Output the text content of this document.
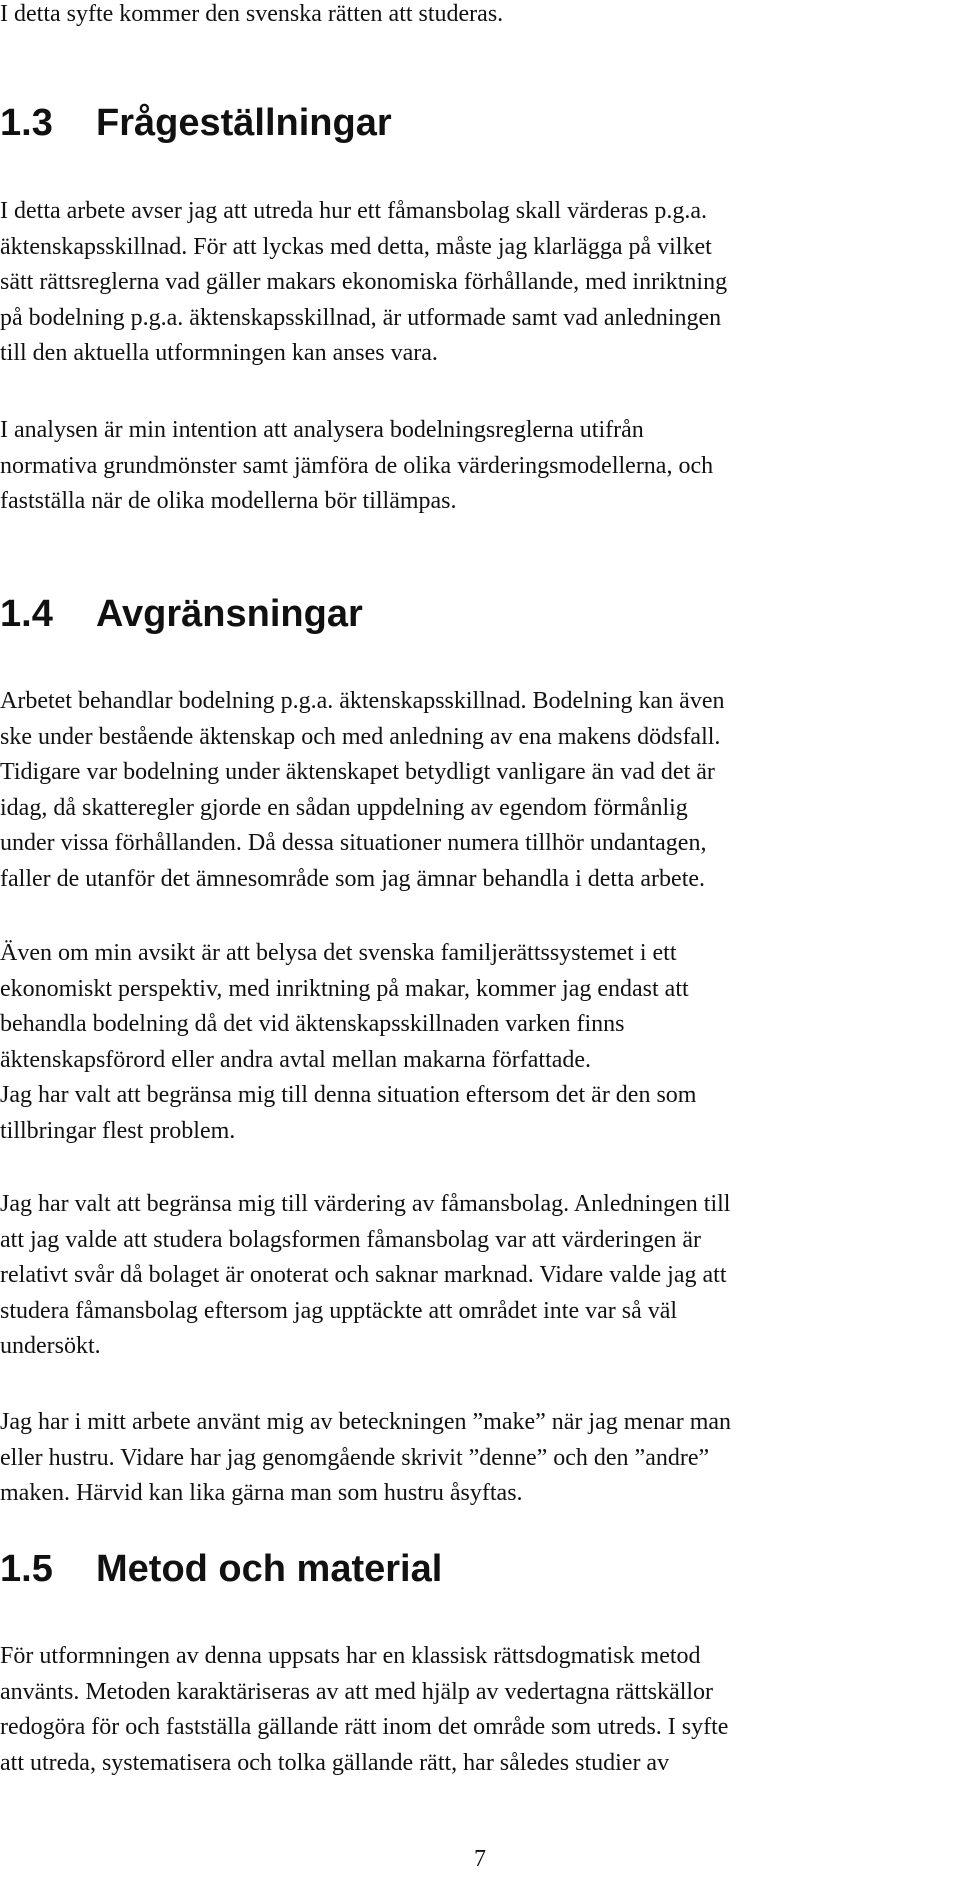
I detta syfte kommer den svenska rätten att studeras.

1.3 Frågeställningar
I detta arbete avser jag att utreda hur ett fåmansbolag skall värderas p.g.a.
äktenskapsskillnad. För att lyckas med detta, måste jag klarlägga på vilket
sätt rättsreglerna vad gäller makars ekonomiska förhållande, med inriktning
på bodelning p.g.a. äktenskapsskillnad, är utformade samt vad anledningen
till den aktuella utformningen kan anses vara.
I analysen är min intention att analysera bodelningsreglerna utifrån
normativa grundmönster samt jämföra de olika värderingsmodellerna, och
fastställa när de olika modellerna bör tillämpas.
1.4 Avgränsningar
Arbetet behandlar bodelning p.g.a. äktenskapsskillnad. Bodelning kan även
ske under bestående äktenskap och med anledning av ena makens dödsfall.
Tidigare var bodelning under äktenskapet betydligt vanligare än vad det är
idag, då skatteregler gjorde en sådan uppdelning av egendom förmånlig
under vissa förhållanden. Då dessa situationer numera tillhör undantagen,
faller de utanför det ämnesområde som jag ämnar behandla i detta arbete.
Även om min avsikt är att belysa det svenska familjerättssystemet i ett
ekonomiskt perspektiv, med inriktning på makar, kommer jag endast att
behandla bodelning då det vid äktenskapsskillnaden varken finns
äktenskapsförord eller andra avtal mellan makarna författade.
Jag har valt att begränsa mig till denna situation eftersom det är den som
tillbringar flest problem.
Jag har valt att begränsa mig till värdering av fåmansbolag. Anledningen till
att jag valde att studera bolagsformen fåmansbolag var att värderingen är
relativt svår då bolaget är onoterat och saknar marknad. Vidare valde jag att
studera fåmansbolag eftersom jag upptäckte att området inte var så väl
undersökt.
Jag har i mitt arbete använt mig av beteckningen ”make” när jag menar man
eller hustru. Vidare har jag genomgående skrivit ”denne” och den ”andre”
maken. Härvid kan lika gärna man som hustru åsyftas.
1.5 Metod och material
För utformningen av denna uppsats har en klassisk rättsdogmatisk metod
använts. Metoden karaktäriseras av att med hjälp av vedertagna rättskällor
redogöra för och fastställa gällande rätt inom det område som utreds. I syfte
att utreda, systematisera och tolka gällande rätt, har således studier av
7
